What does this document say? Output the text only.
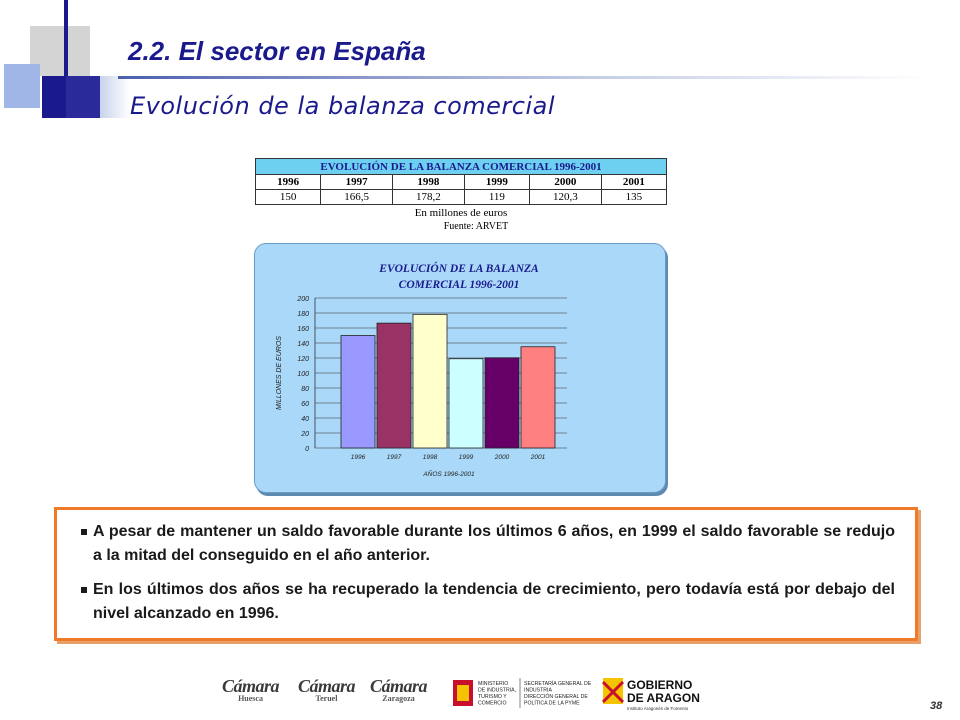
2.2. El sector en España
Evolución de la balanza comercial
EVOLUCIÓN DE LA BALANZA COMERCIAL 1996-2001
1996	1997	1998	1999	2000	2001
150	166,5	178,2	119	120,3	135
En millones de euros
Fuente: ARVET
EVOLUCIÓN DE LA BALANZA
COMERCIAL 1996-2001
0
20
40
60
80
100
120
140
160
180
200
1996	1997	1998	1999	2000	2001
AÑOS 1996-2001
MILLONES DE EUROS
A pesar de mantener un saldo favorable durante los últimos 6 años, en 1999 el saldo favorable se redujo a la mitad del conseguido en el año anterior.
En los últimos dos años se ha recuperado la tendencia de crecimiento, pero todavía está por debajo del nivel alcanzado en 1996.
Cámara
Huesca
Cámara
Teruel
Cámara
Zaragoza
MINISTERIO
DE INDUSTRIA,
TURISMO Y
COMERCIO
SECRETARÍA GENERAL DE
INDUSTRIA
DIRECCIÓN GENERAL DE
POLÍTICA DE LA PYME
GOBIERNO
DE ARAGON
Instituto Aragonés de Fomento	38
